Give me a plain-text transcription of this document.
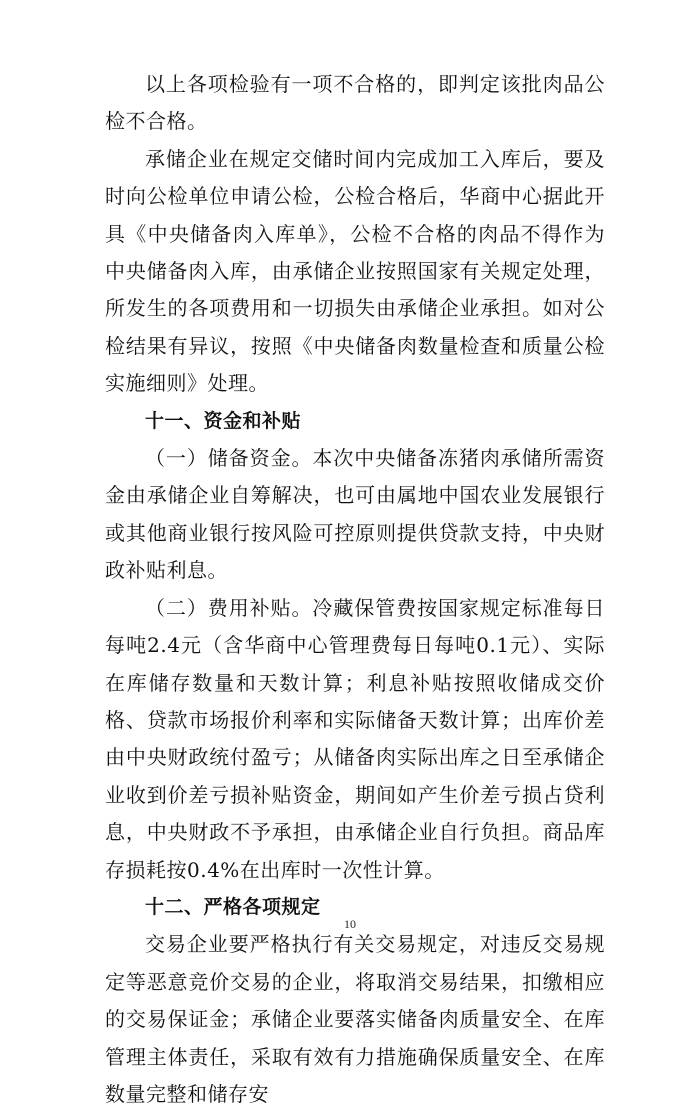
以上各项检验有一项不合格的，即判定该批肉品公检不合格。

承储企业在规定交储时间内完成加工入库后，要及时向公检单位申请公检，公检合格后，华商中心据此开具《中央储备肉入库单》，公检不合格的肉品不得作为中央储备肉入库，由承储企业按照国家有关规定处理，所发生的各项费用和一切损失由承储企业承担。如对公检结果有异议，按照《中央储备肉数量检查和质量公检实施细则》处理。

十一、资金和补贴

（一）储备资金。本次中央储备冻猪肉承储所需资金由承储企业自筹解决，也可由属地中国农业发展银行或其他商业银行按风险可控原则提供贷款支持，中央财政补贴利息。

（二）费用补贴。冷藏保管费按国家规定标准每日每吨2.4元（含华商中心管理费每日每吨0.1元）、实际在库储存数量和天数计算；利息补贴按照收储成交价格、贷款市场报价利率和实际储备天数计算；出库价差由中央财政统付盈亏；从储备肉实际出库之日至承储企业收到价差亏损补贴资金，期间如产生价差亏损占贷利息，中央财政不予承担，由承储企业自行负担。商品库存损耗按0.4%在出库时一次性计算。

十二、严格各项规定

交易企业要严格执行有关交易规定，对违反交易规定等恶意竞价交易的企业，将取消交易结果，扣缴相应的交易保证金；承储企业要落实储备肉质量安全、在库管理主体责任，采取有效有力措施确保质量安全、在库数量完整和储存安

10
